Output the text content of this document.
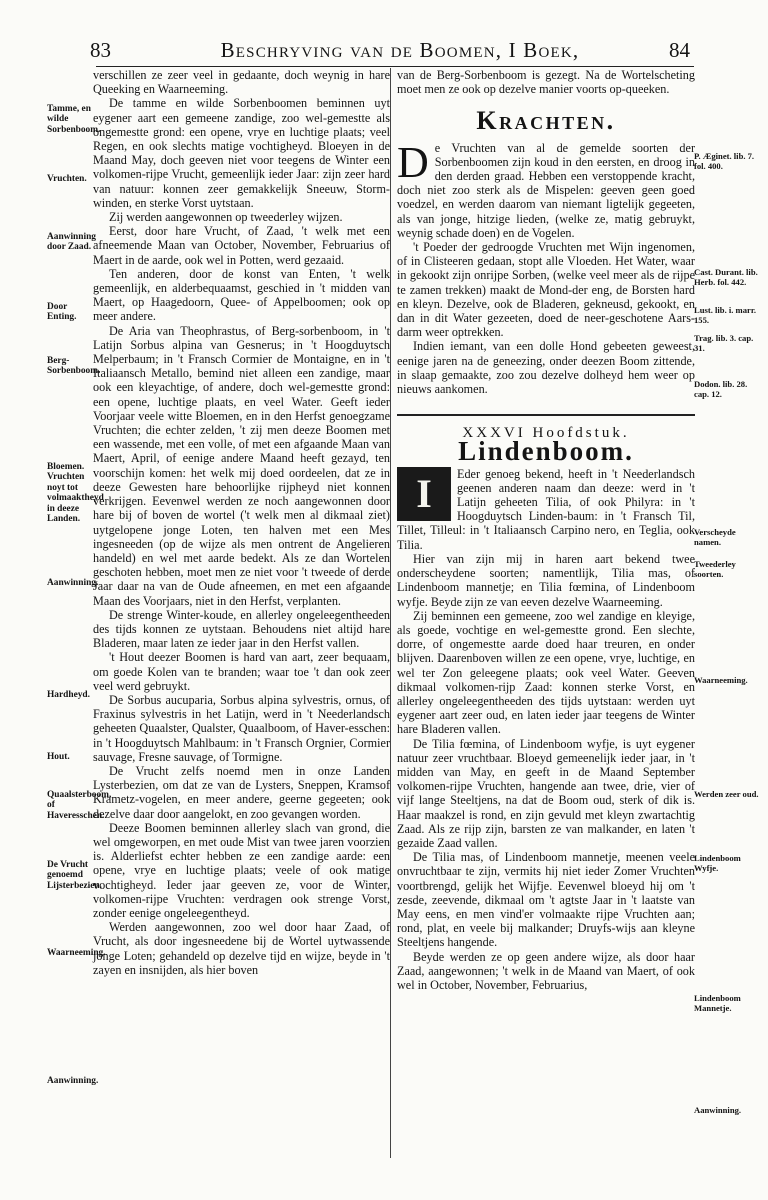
83	Beschryving van de Boomen, I Boek,	84
Tamme, en wilde Sorbenboom.
Vruchten.
Aanwinning door Zaad.
Door Enting.
Berg-Sorbenboom.
Bloemen. Vruchten noyt tot volmaaktheyd in deeze Landen.
Aanwinning.
Hardheyd.
Hout.
Quaalsterboom, of Haveresschen.
De Vrucht genoemd Lijsterbezien.
Waarneeming.
Aanwinning.

verschillen ze zeer veel in gedaante, doch weynig in hare Queeking en Waarneeming.

De tamme en wilde Sorbenboomen beminnen uyt eygener aart een gemeene zandige, zoo wel-gemestte als ongemestte grond: een opene, vrye en luchtige plaats; veel Regen, en ook slechts matige vochtigheyd. Bloeyen in de Maand May, doch geeven niet voor teegens de Winter een volkomen-rijpe Vrucht, gemeenlijk ieder Jaar: zijn zeer hard van natuur: konnen zeer gemakkelijk Sneeuw, Storm-winden, en sterke Vorst uytstaan.

Zij werden aangewonnen op tweederley wijzen.

Eerst, door hare Vrucht, of Zaad, 't welk met een afneemende Maan van October, November, Februarius of Maert in de aarde, ook wel in Potten, werd gezaaid.

Ten anderen, door de konst van Enten, 't welk gemeenlijk, en alderbequaamst, geschied in 't midden van Maert, op Haagedoorn, Quee- of Appelboomen; ook op meer andere.

De Aria van Theophrastus, of Berg-sorbenboom, in 't Latijn Sorbus alpina van Gesnerus; in 't Hoogduytsch Melperbaum; in 't Fransch Cormier de Montaigne, en in 't Italiaansch Metallo, bemind niet alleen een zandige, maar ook een kleyachtige, of andere, doch wel-gemestte grond: een opene, luchtige plaats, en veel Water. Geeft ieder Voorjaar veele witte Bloemen, en in den Herfst genoegzame Vruchten; die echter zelden, 't zij men deeze Boomen met een wassende, met een volle, of met een afgaande Maan van Maert, April, of eenige andere Maand heeft gezayd, ten voorschijn komen: het welk mij doed oordeelen, dat ze in deeze Gewesten hare behoorlijke rijpheyd niet konnen verkrijgen. Eevenwel werden ze noch aangewonnen door hare bij of boven de wortel ('t welk men al dikmaal ziet) uytgelopene jonge Loten, ten halven met een Mes ingesneeden (op de wijze als men ontrent de Angelieren handeld) en wel met aarde bedekt. Als ze dan Wortelen geschoten hebben, moet men ze niet voor 't tweede of derde Jaar daar na van de Oude afneemen, en met een afgaande Maan des Voorjaars, niet in den Herfst, verplanten.

De strenge Winter-koude, en allerley ongeleegentheeden des tijds konnen ze uytstaan. Behoudens niet altijd hare Bladeren, maar laten ze ieder jaar in den Herfst vallen.

't Hout deezer Boomen is hard van aart, zeer bequaam, om goede Kolen van te branden; waar toe 't dan ook zeer veel werd gebruykt.

De Sorbus aucuparia, Sorbus alpina sylvestris, ornus, of Fraxinus sylvestris in het Latijn, werd in 't Neederlandsch geheeten Quaalster, Qualster, Quaalboom, of Haver-esschen: in 't Hoogduytsch Mahlbaum: in 't Fransch Orgnier, Cormier sauvage, Fresne sauvage, of Tormigne.

De Vrucht zelfs noemd men in onze Landen Lysterbezien, om dat ze van de Lysters, Sneppen, Kramsof Krametz-vogelen, en meer andere, geerne gegeeten; ook dezelve daar door aangelokt, en zoo gevangen worden.

Deeze Boomen beminnen allerley slach van grond, die wel omgeworpen, en met oude Mist van twee jaren voorzien is. Alderliefst echter hebben ze een zandige aarde: een opene, vrye en luchtige plaats; veele of ook matige vochtigheyd. Ieder jaar geeven ze, voor de Winter, volkomen-rijpe Vruchten: verdragen ook strenge Vorst, zonder eenige ongeleegentheyd.

Werden aangewonnen, zoo wel door haar Zaad, of Vrucht, als door ingesneedene bij de Wortel uytwassende jonge Loten; gehandeld op dezelve tijd en wijze, beyde in 't zayen en insnijden, als hier boven

van de Berg-Sorbenboom is gezegt. Na de Wortelscheting moet men ze ook op dezelve manier voorts op-queeken.

Krachten.

De Vruchten van al de gemelde soorten der Sorbenboomen zijn koud in den eersten, en droog in den derden graad. Hebben een verstoppende kracht, doch niet zoo sterk als de Mispelen: geeven geen goed voedzel, en werden daarom van niemant ligtelijk gegeeten, als van jonge, hitzige lieden, (welke ze, matig gebruykt, weynig schade doen) en de Vogelen.

't Poeder der gedroogde Vruchten met Wijn ingenomen, of in Clisteeren gedaan, stopt alle Vloeden. Het Water, waar in gekookt zijn onrijpe Sorben, (welke veel meer als de rijpe te zamen trekken) maakt de Mond-der eng, de Borsten hard en kleyn. Dezelve, ook de Bladeren, gekneusd, gekookt, en dan in dit Water gezeeten, doed de neer-geschotene Aars-darm weer optrekken.

Indien iemant, van een dolle Hond gebeeten geweest, eenige jaren na de geneezing, onder deezen Boom zittende, in slaap gemaakte, zoo zou dezelve dolheyd hem weer op nieuws aankomen.

XXXVI Hoofdstuk.
Lindenboom.

I	Eder genoeg bekend, heeft in 't Neederlandsch geenen anderen naam dan deeze: werd in 't Latijn geheeten Tilia, of ook Philyra: in 't Hoogduytsch Linden-baum: in 't Fransch Til, Tillet, Tilleul: in 't Italiaansch Carpino nero, en Teglia, ook Tilia.

Hier van zijn mij in haren aart bekend twee onderscheydene soorten; namentlijk, Tilia mas, of Lindenboom mannetje; en Tilia fœmina, of Lindenboom wyfje. Beyde zijn ze van eeven dezelve Waarneeming.

Zij beminnen een gemeene, zoo wel zandige en kleyige, als goede, vochtige en wel-gemestte grond. Een slechte, dorre, of ongemestte aarde doed haar treuren, en onder blijven. Daarenboven willen ze een opene, vrye, luchtige, en wel ter Zon geleegene plaats; ook veel Water. Geeven dikmaal volkomen-rijp Zaad: konnen sterke Vorst, en allerley ongeleegentheeden des tijds uytstaan: werden uyt eygener aart zeer oud, en laten ieder jaar teegens de Winter hare Bladeren vallen.

De Tilia fœmina, of Lindenboom wyfje, is uyt eygener natuur zeer vruchtbaar. Bloeyd gemeenelijk ieder jaar, in 't midden van May, en geeft in de Maand September volkomen-rijpe Vruchten, hangende aan twee, drie, vier of vijf lange Steeltjens, na dat de Boom oud, sterk of dik is. Haar maakzel is rond, en zijn gevuld met kleyn zwartachtig Zaad. Als ze rijp zijn, barsten ze van malkander, en laten 't gezaide Zaad vallen.

De Tilia mas, of Lindenboom mannetje, meenen veele onvruchtbaar te zijn, vermits hij niet ieder Zomer Vruchten voortbrengd, gelijk het Wijfje. Eevenwel bloeyd hij om 't zesde, zeevende, dikmaal om 't agtste Jaar in 't laatste van May eens, en men vind'er volmaakte rijpe Vruchten aan; rond, plat, en veele bij malkander; Druyfs-wijs aan kleyne Steeltjens hangende.

Beyde werden ze op geen andere wijze, als door haar Zaad, aangewonnen; 't welk in de Maand van Maert, of ook wel in October, November, Februarius,

P. Æginet. lib. 7. fol. 400.
Cast. Durant. lib. Herb. fol. 442.
Lust. lib. i. marr. 155.
Trag. lib. 3. cap. 31.
Dodon. lib. 28. cap. 12.
Verscheyde namen.
Tweederley soorten.
Waarneeming.
Werden zeer oud.
Lindenboom Wyfje.
Lindenboom Mannetje.
Aanwinning.
